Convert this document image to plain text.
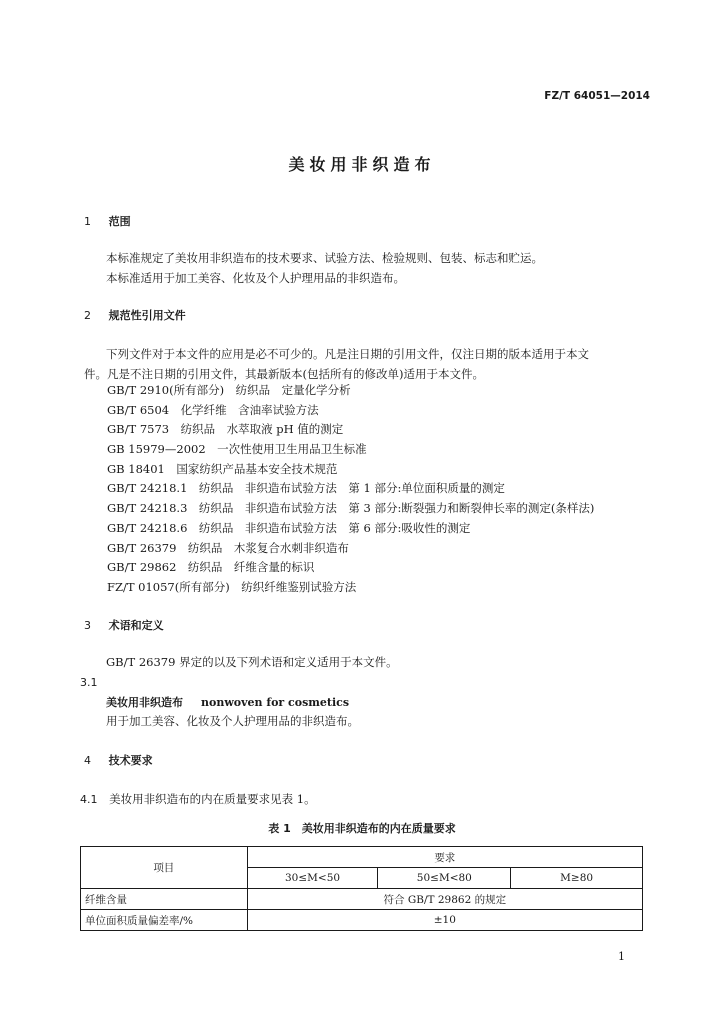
FZ/T 64051—2014
美妆用非织造布
1 范围
本标准规定了美妆用非织造布的技术要求、试验方法、检验规则、包装、标志和贮运。
本标准适用于加工美容、化妆及个人护理用品的非织造布。
2 规范性引用文件
下列文件对于本文件的应用是必不可少的。凡是注日期的引用文件，仅注日期的版本适用于本文
件。凡是不注日期的引用文件，其最新版本(包括所有的修改单)适用于本文件。
GB/T 2910(所有部分)　纺织品　定量化学分析
GB/T 6504　化学纤维　含油率试验方法
GB/T 7573　纺织品　水萃取液 pH 值的测定
GB 15979—2002　一次性使用卫生用品卫生标准
GB 18401　国家纺织产品基本安全技术规范
GB/T 24218.1　纺织品　非织造布试验方法　第 1 部分:单位面积质量的测定
GB/T 24218.3　纺织品　非织造布试验方法　第 3 部分:断裂强力和断裂伸长率的测定(条样法)
GB/T 24218.6　纺织品　非织造布试验方法　第 6 部分:吸收性的测定
GB/T 26379　纺织品　木浆复合水刺非织造布
GB/T 29862　纺织品　纤维含量的标识
FZ/T 01057(所有部分)　纺织纤维鉴别试验方法
3 术语和定义
GB/T 26379 界定的以及下列术语和定义适用于本文件。
3.1
美妆用非织造布 nonwoven for cosmetics
用于加工美容、化妆及个人护理用品的非织造布。
4 技术要求
4.1 美妆用非织造布的内在质量要求见表 1。
表 1　美妆用非织造布的内在质量要求
项目	要求		
	30≤M<50	50≤M<80	M≥80
纤维含量	符合 GB/T 29862 的规定		
单位面积质量偏差率/%	±10		
1
